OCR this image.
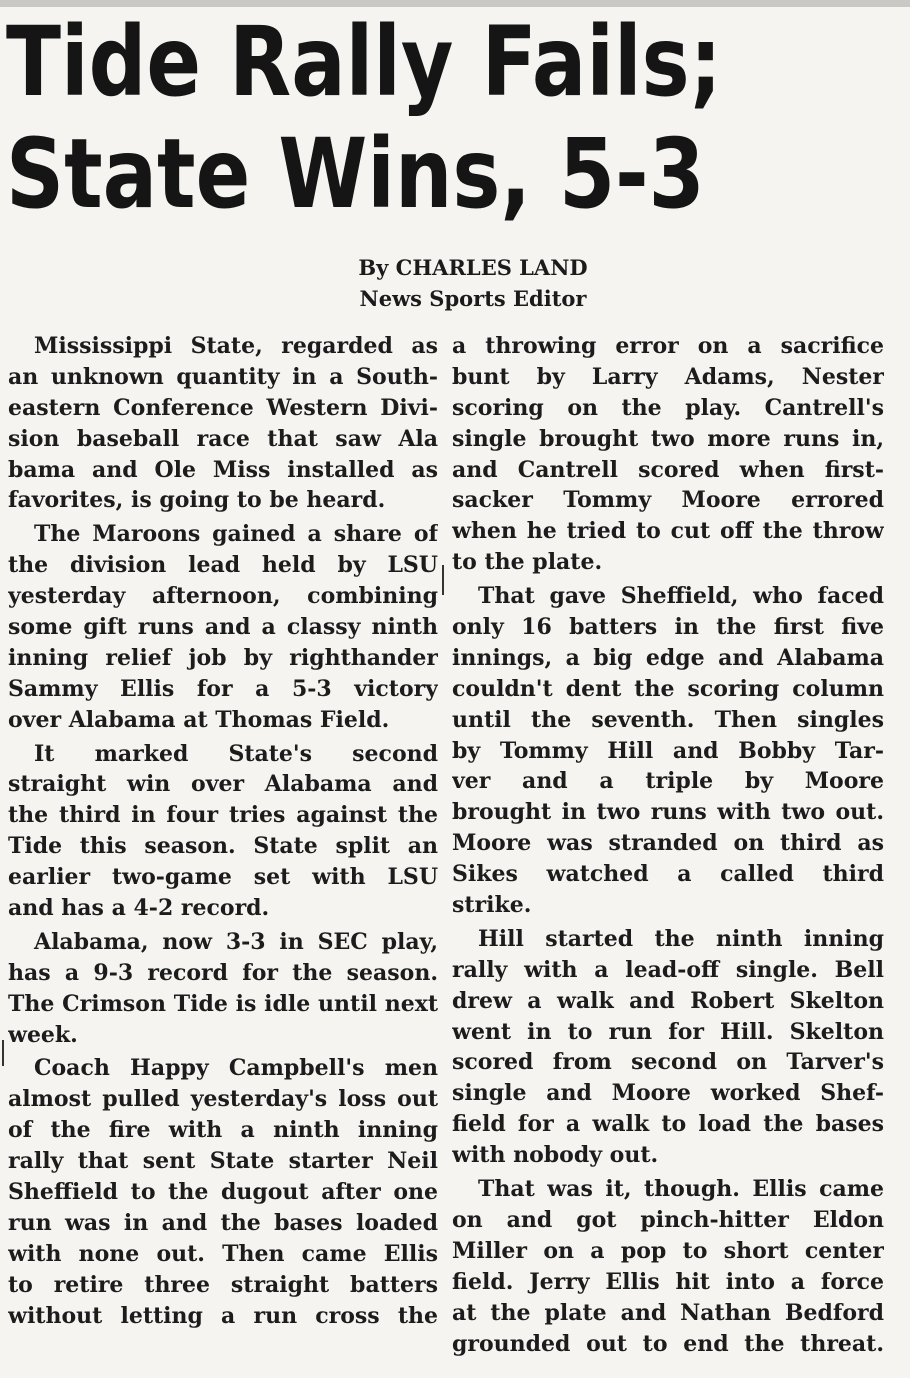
Tide Rally Fails;
State Wins, 5-3
By CHARLES LAND
News Sports Editor
Mississippi State, regarded as
an unknown quantity in a South-
eastern Conference Western Divi-
sion baseball race that saw Ala
bama and Ole Miss installed as
favorites, is going to be heard.
The Maroons gained a share of
the division lead held by LSU
yesterday afternoon, combining
some gift runs and a classy ninth
inning relief job by righthander
Sammy Ellis for a 5-3 victory
over Alabama at Thomas Field.
It marked State's second
straight win over Alabama and
the third in four tries against the
Tide this season. State split an
earlier two-game set with LSU
and has a 4-2 record.
Alabama, now 3-3 in SEC play,
has a 9-3 record for the season.
The Crimson Tide is idle until next
week.
Coach Happy Campbell's men
almost pulled yesterday's loss out
of the fire with a ninth inning
rally that sent State starter Neil
Sheffield to the dugout after one
run was in and the bases loaded
with none out. Then came Ellis
to retire three straight batters
without letting a run cross the
a throwing error on a sacrifice
bunt by Larry Adams, Nester
scoring on the play. Cantrell's
single brought two more runs in,
and Cantrell scored when first-
sacker Tommy Moore errored
when he tried to cut off the throw
to the plate.
That gave Sheffield, who faced
only 16 batters in the first five
innings, a big edge and Alabama
couldn't dent the scoring column
until the seventh. Then singles
by Tommy Hill and Bobby Tar-
ver and a triple by Moore
brought in two runs with two out.
Moore was stranded on third as
Sikes watched a called third
strike.
Hill started the ninth inning
rally with a lead-off single. Bell
drew a walk and Robert Skelton
went in to run for Hill. Skelton
scored from second on Tarver's
single and Moore worked Shef-
field for a walk to load the bases
with nobody out.
That was it, though. Ellis came
on and got pinch-hitter Eldon
Miller on a pop to short center
field. Jerry Ellis hit into a force
at the plate and Nathan Bedford
grounded out to end the threat.
